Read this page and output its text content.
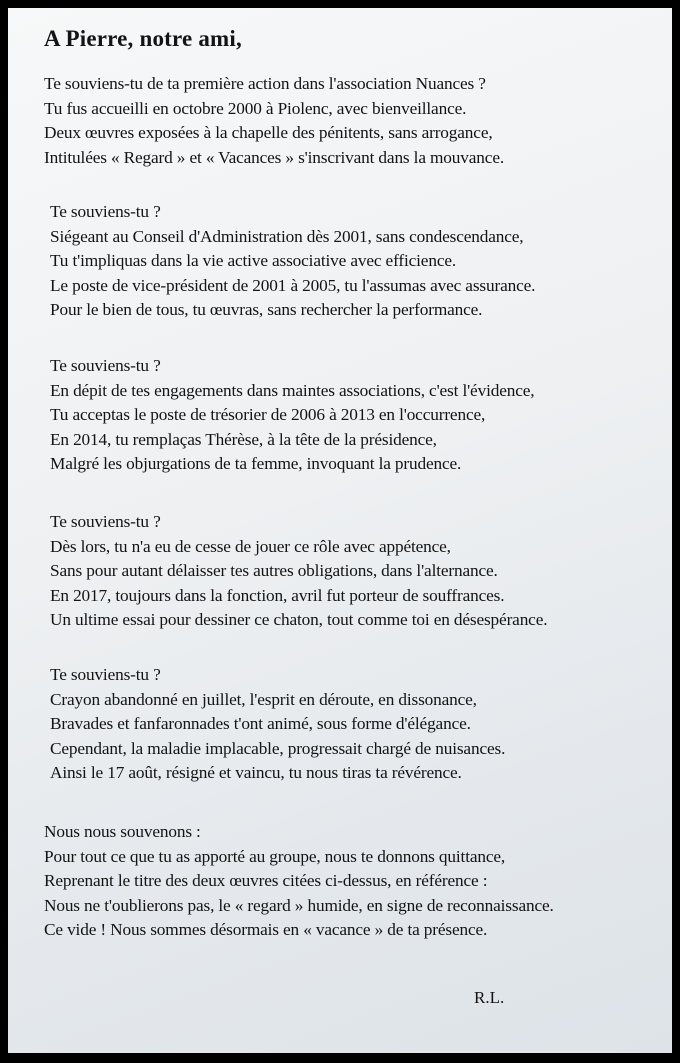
A Pierre, notre ami,
Te souviens-tu de ta première action dans l'association Nuances ?
Tu fus accueilli en octobre 2000 à Piolenc, avec bienveillance.
Deux œuvres exposées à la chapelle des pénitents, sans arrogance,
Intitulées « Regard » et « Vacances » s'inscrivant dans la mouvance.
Te souviens-tu ?
Siégeant au Conseil d'Administration dès 2001, sans condescendance,
Tu t'impliquas dans la vie active associative avec efficience.
Le poste de vice-président de 2001 à 2005, tu l'assumas avec assurance.
Pour le bien de tous, tu œuvras, sans rechercher la performance.
Te souviens-tu ?
En dépit de tes engagements dans maintes associations, c'est l'évidence,
Tu acceptas le poste de trésorier de 2006 à 2013 en l'occurrence,
En 2014, tu remplaças Thérèse, à la tête de la présidence,
Malgré les objurgations de ta femme, invoquant la prudence.
Te souviens-tu ?
Dès lors, tu n'a eu de cesse de jouer ce rôle avec appétence,
Sans pour autant délaisser tes autres obligations, dans l'alternance.
En 2017, toujours dans la fonction, avril fut porteur de souffrances.
Un ultime essai pour dessiner ce chaton, tout comme toi en désespérance.
Te souviens-tu ?
Crayon abandonné en juillet, l'esprit en déroute, en dissonance,
Bravades et fanfaronnades t'ont animé, sous forme d'élégance.
Cependant, la maladie implacable, progressait chargé de nuisances.
Ainsi le 17 août, résigné et vaincu, tu nous tiras ta révérence.
Nous nous souvenons :
Pour tout ce que tu as apporté au groupe, nous te donnons quittance,
Reprenant le titre des deux œuvres citées ci-dessus, en référence :
Nous ne t'oublierons pas, le « regard » humide, en signe de reconnaissance.
Ce vide ! Nous sommes désormais en « vacance » de ta présence.
R.L.
